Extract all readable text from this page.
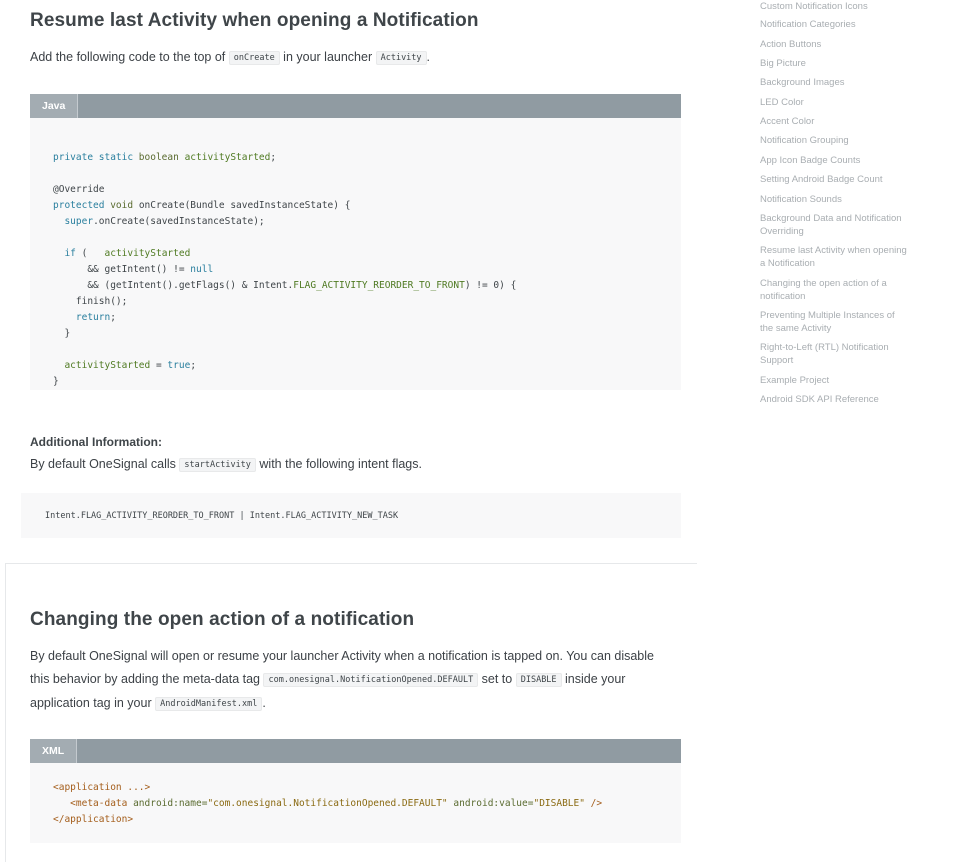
Resume last Activity when opening a Notification
Add the following code to the top of onCreate in your launcher Activity .
Java

private static boolean activityStarted;

@Override
protected void onCreate(Bundle savedInstanceState) {
super.onCreate(savedInstanceState);

if (   activityStarted
&& getIntent() != null
&& (getIntent().getFlags() & Intent.FLAG_ACTIVITY_REORDER_TO_FRONT) != 0) {
finish();
return;
}

activityStarted = true;
}
Additional Information:
By default OneSignal calls startActivity with the following intent flags.
Intent.FLAG_ACTIVITY_REORDER_TO_FRONT | Intent.FLAG_ACTIVITY_NEW_TASK
Changing the open action of a notification
By default OneSignal will open or resume your launcher Activity when a notification is tapped on. You can disable this behavior by adding the meta-data tag com.onesignal.NotificationOpened.DEFAULT set to DISABLE inside your application tag in your AndroidManifest.xml .
XML
<application ...>
<meta-data android:name="com.onesignal.NotificationOpened.DEFAULT" android:value="DISABLE" />
</application>
Custom Notification Icons
Notification Categories
Action Buttons
Big Picture
Background Images
LED Color
Accent Color
Notification Grouping
App Icon Badge Counts
Setting Android Badge Count
Notification Sounds
Background Data and Notification Overriding
Resume last Activity when opening a Notification
Changing the open action of a notification
Preventing Multiple Instances of the same Activity
Right-to-Left (RTL) Notification Support
Example Project
Android SDK API Reference
